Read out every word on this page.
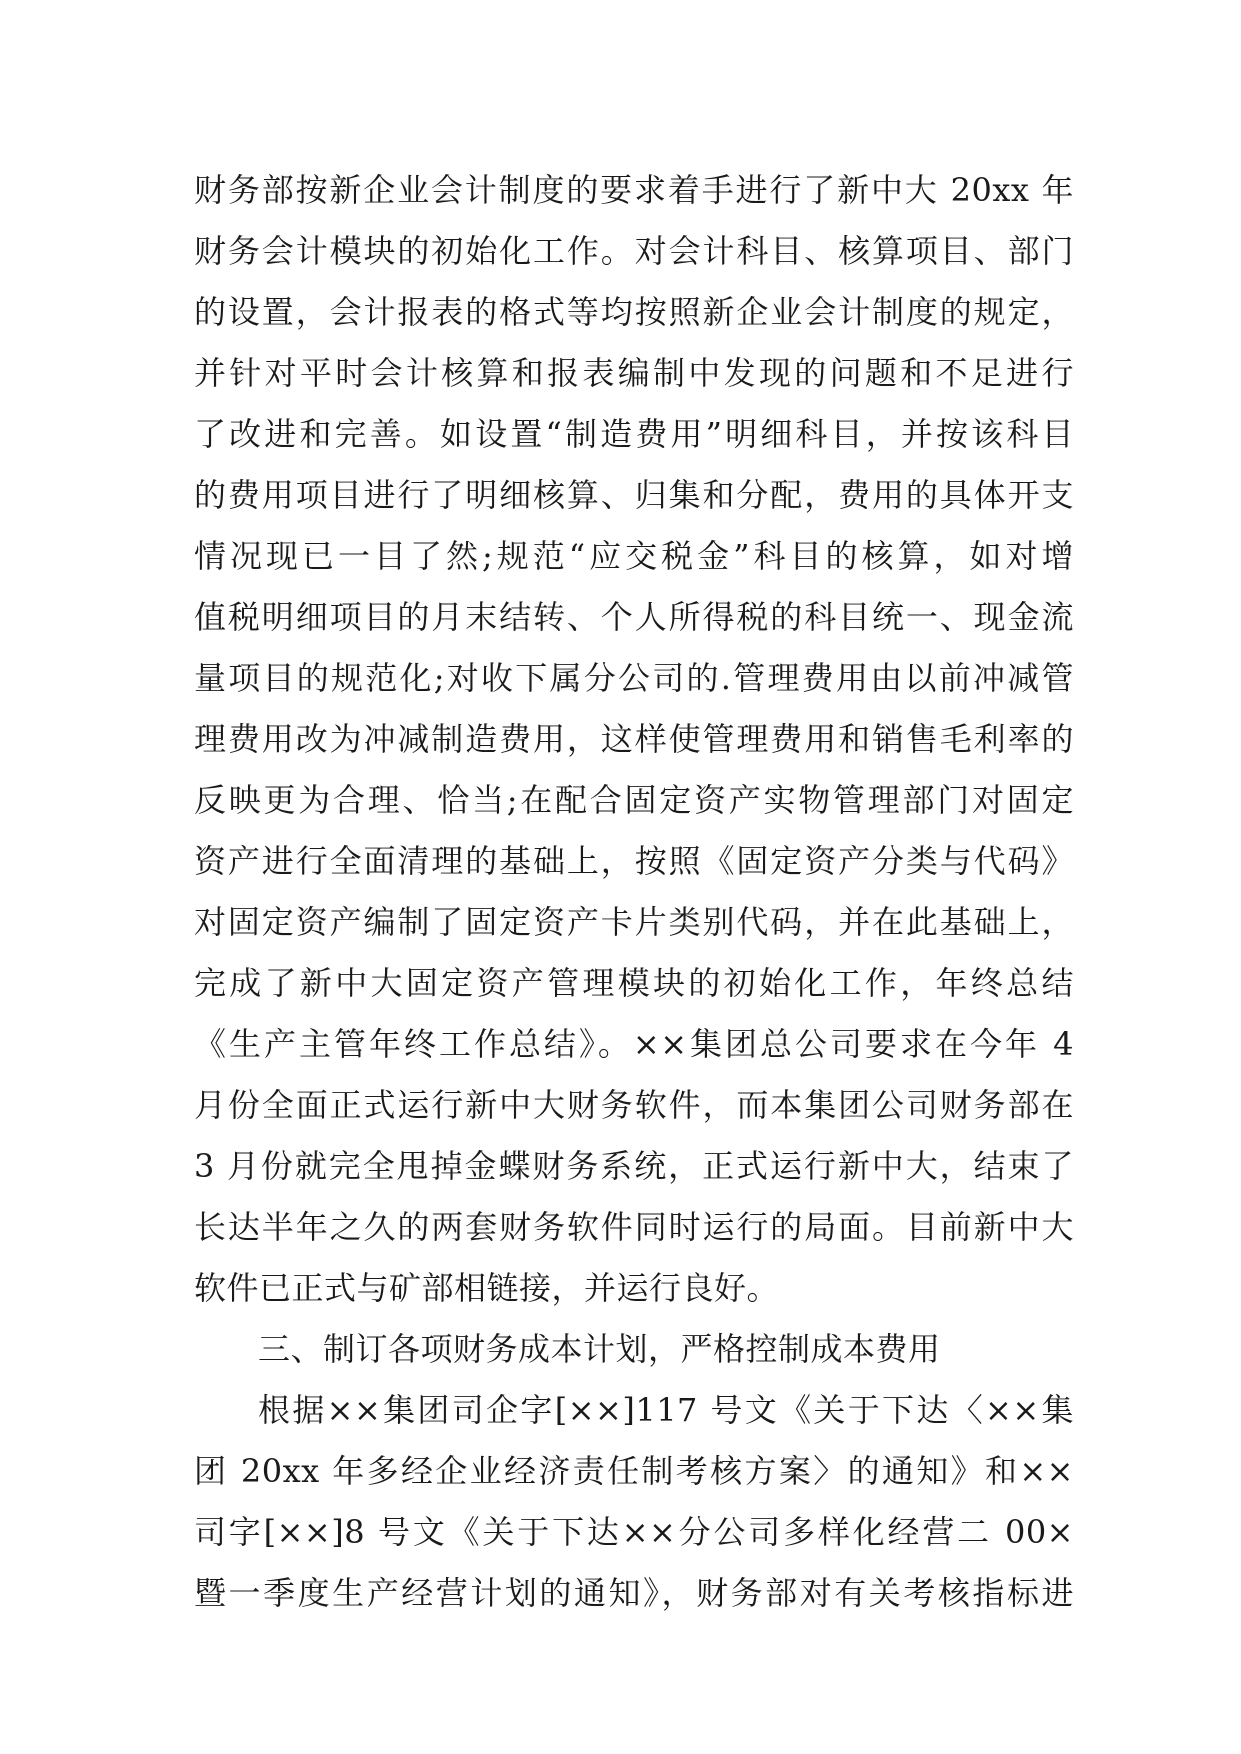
财务部按新企业会计制度的要求着手进行了新中大 20xx 年
财务会计模块的初始化工作。对会计科目、核算项目、部门
的设置，会计报表的格式等均按照新企业会计制度的规定，
并针对平时会计核算和报表编制中发现的问题和不足进行
了改进和完善。如设置“制造费用”明细科目，并按该科目
的费用项目进行了明细核算、归集和分配，费用的具体开支
情况现已一目了然;规范“应交税金”科目的核算，如对增
值税明细项目的月末结转、个人所得税的科目统一、现金流
量项目的规范化;对收下属分公司的.管理费用由以前冲减管
理费用改为冲减制造费用，这样使管理费用和销售毛利率的
反映更为合理、恰当;在配合固定资产实物管理部门对固定
资产进行全面清理的基础上，按照《固定资产分类与代码》
对固定资产编制了固定资产卡片类别代码，并在此基础上，
完成了新中大固定资产管理模块的初始化工作，年终总结
《生产主管年终工作总结》。××集团总公司要求在今年 4
月份全面正式运行新中大财务软件，而本集团公司财务部在
3 月份就完全甩掉金蝶财务系统，正式运行新中大，结束了
长达半年之久的两套财务软件同时运行的局面。目前新中大
软件已正式与矿部相链接，并运行良好。
三、制订各项财务成本计划，严格控制成本费用
根据××集团司企字[××]117 号文《关于下达〈××集
团 20xx 年多经企业经济责任制考核方案〉的通知》和××
司字[××]8 号文《关于下达××分公司多样化经营二 00×
暨一季度生产经营计划的通知》，财务部对有关考核指标进
